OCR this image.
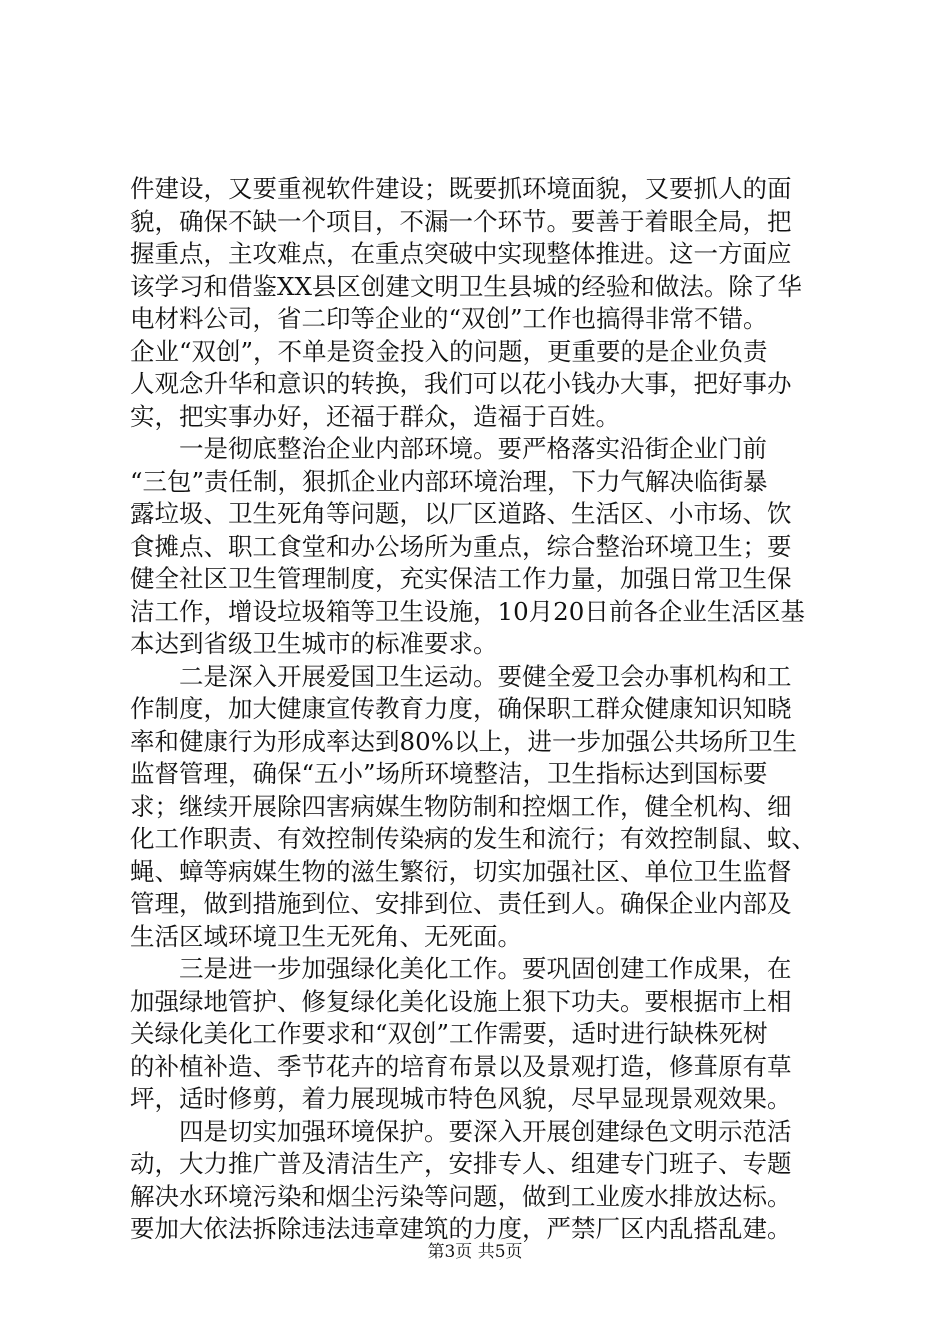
件建设，又要重视软件建设；既要抓环境面貌，又要抓人的面
貌，确保不缺一个项目，不漏一个环节。要善于着眼全局，把
握重点，主攻难点，在重点突破中实现整体推进。这一方面应
该学习和借鉴XX县区创建文明卫生县城的经验和做法。除了华
电材料公司，省二印等企业的“双创”工作也搞得非常不错。
企业“双创”，不单是资金投入的问题，更重要的是企业负责
人观念升华和意识的转换，我们可以花小钱办大事，把好事办
实，把实事办好，还福于群众，造福于百姓。
　　一是彻底整治企业内部环境。要严格落实沿街企业门前
“三包”责任制，狠抓企业内部环境治理，下力气解决临街暴
露垃圾、卫生死角等问题，以厂区道路、生活区、小市场、饮
食摊点、职工食堂和办公场所为重点，综合整治环境卫生；要
健全社区卫生管理制度，充实保洁工作力量，加强日常卫生保
洁工作，增设垃圾箱等卫生设施，10月20日前各企业生活区基
本达到省级卫生城市的标准要求。
　　二是深入开展爱国卫生运动。要健全爱卫会办事机构和工
作制度，加大健康宣传教育力度，确保职工群众健康知识知晓
率和健康行为形成率达到80%以上，进一步加强公共场所卫生
监督管理，确保“五小”场所环境整洁，卫生指标达到国标要
求；继续开展除四害病媒生物防制和控烟工作，健全机构、细
化工作职责、有效控制传染病的发生和流行；有效控制鼠、蚊、
蝇、蟑等病媒生物的滋生繁衍，切实加强社区、单位卫生监督
管理，做到措施到位、安排到位、责任到人。确保企业内部及
生活区域环境卫生无死角、无死面。
　　三是进一步加强绿化美化工作。要巩固创建工作成果，在
加强绿地管护、修复绿化美化设施上狠下功夫。要根据市上相
关绿化美化工作要求和“双创”工作需要，适时进行缺株死树
的补植补造、季节花卉的培育布景以及景观打造，修葺原有草
坪，适时修剪，着力展现城市特色风貌，尽早显现景观效果。
　　四是切实加强环境保护。要深入开展创建绿色文明示范活
动，大力推广普及清洁生产，安排专人、组建专门班子、专题
解决水环境污染和烟尘污染等问题，做到工业废水排放达标。
要加大依法拆除违法违章建筑的力度，严禁厂区内乱搭乱建。
第3页 共5页
